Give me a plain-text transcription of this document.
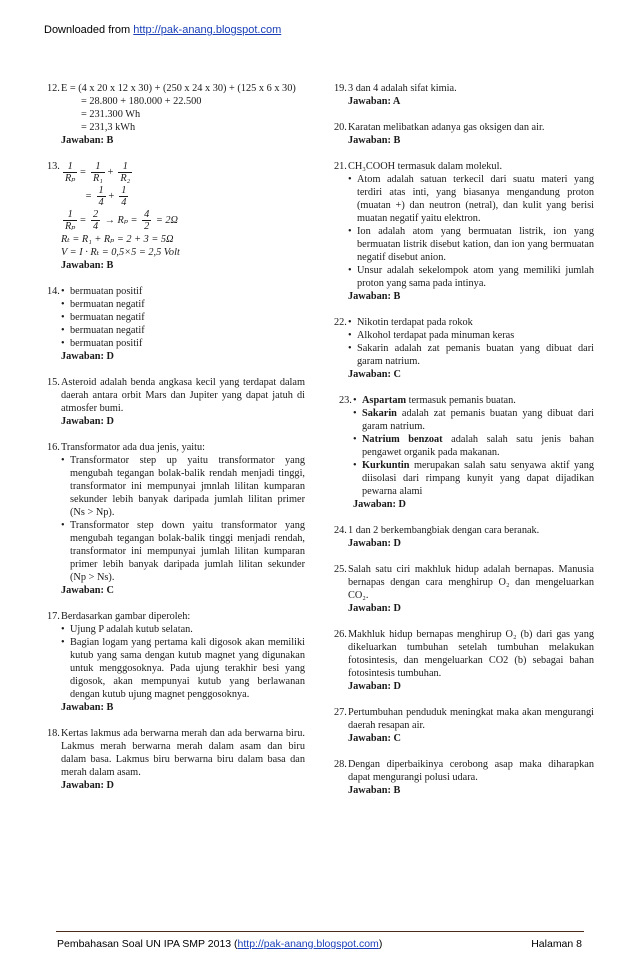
Downloaded from http://pak-anang.blogspot.com
12. E = (4 x 20 x 12 x 30) + (250 x 24 x 30) + (125 x 6 x 30)
= 28.800 + 180.000 + 22.500
= 231.300 Wh
= 231,3 kWh
Jawaban: B
13. $\frac{1}{\text{Rₚ}} = \frac{1}{\text{R₁}} + \frac{1}{\text{R₂}}$
= $\frac{1}{4} + \frac{1}{4}$
$\frac{1}{\text{Rₚ}} = \frac{2}{4} \to R_p = \frac{4}{2} = 2\Omega$
Rₜ = R₁ + Rₚ = 2 + 3 = 5Ω
V = I · Rₜ = 0,5×5 = 2,5 Volt
Jawaban: B
14. • bermuatan positif
• bermuatan negatif
• bermuatan negatif
• bermuatan negatif
• bermuatan positif
Jawaban: D
15. Asteroid adalah benda angkasa kecil yang terdapat dalam daerah antara orbit Mars dan Jupiter yang dapat jatuh di atmosfer bumi.
Jawaban: D
16. Transformator ada dua jenis, yaitu:
• Transformator step up yaitu transformator yang mengubah tegangan bolak-balik rendah menjadi tinggi, transformator ini mempunyai jmnlah lilitan kumparan sekunder lebih banyak daripada jumlah lilitan primer (Ns > Np).
• Transformator step down yaitu transformator yang mengubah tegangan bolak-balik tinggi menjadi rendah, transformator ini mempunyai jumlah lilitan kumparan primer lebih banyak daripada jumlah lilitan sekunder (Np > Ns).
Jawaban: C
17. Berdasarkan gambar diperoleh:
• Ujung P adalah kutub selatan.
• Bagian logam yang pertama kali digosok akan memiliki kutub yang sama dengan kutub magnet yang digunakan untuk menggosoknya. Pada ujung terakhir besi yang digosok, akan mempunyai kutub yang berlawanan dengan kutub ujung magnet penggosoknya.
Jawaban: B
18. Kertas lakmus ada berwarna merah dan ada berwarna biru. Lakmus merah berwarna merah dalam asam dan biru dalam basa. Lakmus biru berwarna biru dalam basa dan merah dalam asam.
Jawaban: D
19. 3 dan 4 adalah sifat kimia.
Jawaban: A
20. Karatan melibatkan adanya gas oksigen dan air.
Jawaban: B
21. CH₃COOH termasuk dalam molekul.
• Atom adalah satuan terkecil dari suatu materi yang terdiri atas inti, yang biasanya mengandung proton (muatan +) dan neutron (netral), dan kulit yang berisi muatan negatif yaitu elektron.
• Ion adalah atom yang bermuatan listrik, ion yang bermuatan listrik disebut kation, dan ion yang bermuatan negatif disebut anion.
• Unsur adalah sekelompok atom yang memiliki jumlah proton yang sama pada intinya.
Jawaban: B
22. • Nikotin terdapat pada rokok
• Alkohol terdapat pada minuman keras
• Sakarin adalah zat pemanis buatan yang dibuat dari garam natrium.
Jawaban: C
23. • Aspartam termasuk pemanis buatan.
• Sakarin adalah zat pemanis buatan yang dibuat dari garam natrium.
• Natrium benzoat adalah salah satu jenis bahan pengawet organik pada makanan.
• Kurkuntin merupakan salah satu senyawa aktif yang diisolasi dari rimpang kunyit yang dapat dijadikan pewarna alami
Jawaban: D
24. 1 dan 2 berkembangbiak dengan cara beranak.
Jawaban: D
25. Salah satu ciri makhluk hidup adalah bernapas. Manusia bernapas dengan cara menghirup O₂ dan mengeluarkan CO₂.
Jawaban: D
26. Makhluk hidup bernapas menghirup O₂ (b) dari gas yang dikeluarkan tumbuhan setelah tumbuhan melakukan fotosintesis, dan mengeluarkan CO2 (b) sebagai bahan fotosintesis tumbuhan.
Jawaban: D
27. Pertumbuhan penduduk meningkat maka akan mengurangi daerah resapan air.
Jawaban: C
28. Dengan diperbaikinya cerobong asap maka diharapkan dapat mengurangi polusi udara.
Jawaban: B
Pembahasan Soal UN IPA SMP 2013 (http://pak-anang.blogspot.com)	Halaman 8
